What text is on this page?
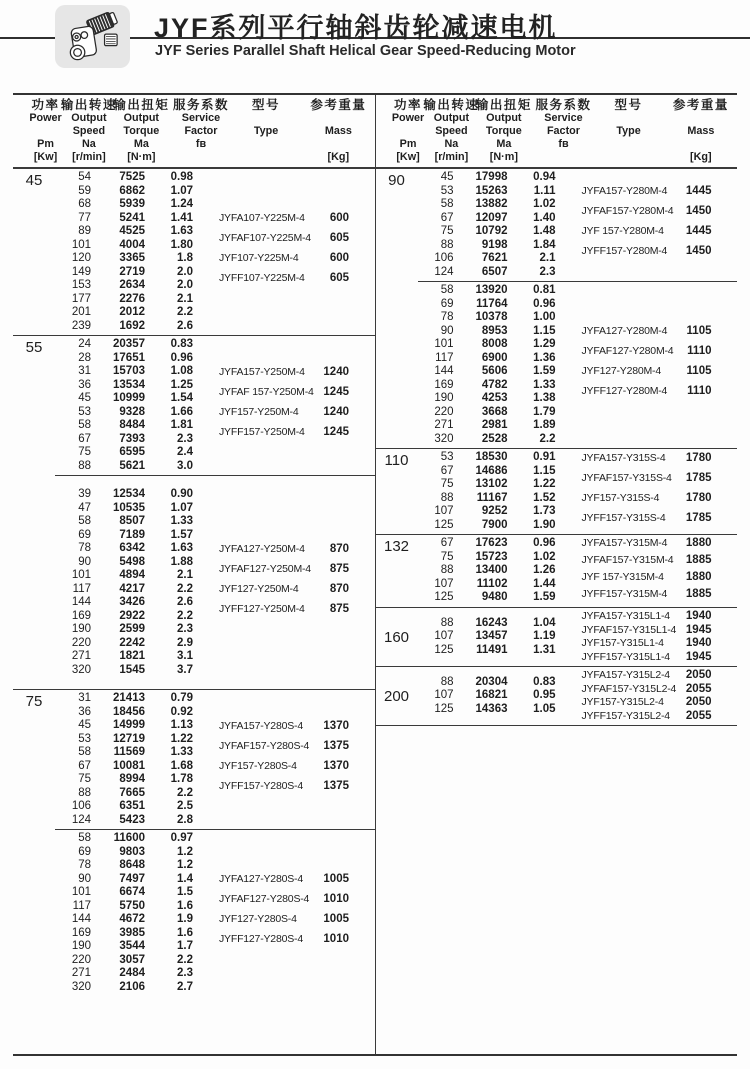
JYF系列平行轴斜齿轮减速电机
JYF Series Parallel Shaft Helical Gear Speed-Reducing Motor
功率
Power
Pm
[Kw]
输出转速
Output
Speed
Na
[r/min]
输出扭矩
Output
Torque
Ma
[N·m]
服务系数
Service
Factor
fʙ
型号
Type
参考重量
Mass
[Kg]
45	54	7525	0.98
59	6862	1.07
68	5939	1.24
77	5241	1.41
89	4525	1.63
101	4004	1.80
120	3365	1.8
149	2719	2.0
153	2634	2.0
177	2276	2.1
201	2012	2.2
239	1692	2.6
JYFA107-Y225M-4	600
JYFAF107-Y225M-4	605
JYF107-Y225M-4	600
JYFF107-Y225M-4	605
55	24	20357	0.83
28	17651	0.96
31	15703	1.08
36	13534	1.25
45	10999	1.54
53	9328	1.66
58	8484	1.81
67	7393	2.3
75	6595	2.4
88	5621	3.0
JYFA157-Y250M-4	1240
JYFAF 157-Y250M-4 1245
JYF157-Y250M-4	1240
JYFF157-Y250M-4	1245
39	12534	0.90
47	10535	1.07
58	8507	1.33
69	7189	1.57
78	6342	1.63
90	5498	1.88
101	4894	2.1
117	4217	2.2
144	3426	2.6
169	2922	2.2
190	2599	2.3
220	2242	2.9
271	1821	3.1
320	1545	3.7
JYFA127-Y250M-4	870
JYFAF127-Y250M-4	875
JYF127-Y250M-4	870
JYFF127-Y250M-4	875
75	31	21413	0.79
36	18456	0.92
45	14999	1.13
53	12719	1.22
58	11569	1.33
67	10081	1.68
75	8994	1.78
88	7665	2.2
106	6351	2.5
124	5423	2.8
JYFA157-Y280S-4	1370
JYFAF157-Y280S-4	1375
JYF157-Y280S-4	1370
JYFF157-Y280S-4	1375
58	11600	0.97
69	9803	1.2
78	8648	1.2
90	7497	1.4
101	6674	1.5
117	5750	1.6
144	4672	1.9
169	3985	1.6
190	3544	1.7
220	3057	2.2
271	2484	2.3
320	2106	2.7
JYFA127-Y280S-4	1005
JYFAF127-Y280S-4	1010
JYF127-Y280S-4	1005
JYFF127-Y280S-4	1010
功率
Power
Pm
[Kw]
输出转速
Output
Speed
Na
[r/min]
输出扭矩
Output
Torque
Ma
[N·m]
服务系数
Service
Factor
fʙ
型号
Type
参考重量
Mass
[Kg]
90	45	17998	0.94
53	15263	1.11
58	13882	1.02
67	12097	1.40
75	10792	1.48
88	9198	1.84
106	7621	2.1
124	6507	2.3
JYFA157-Y280M-4	1445
JYFAF157-Y280M-4	1450
JYF 157-Y280M-4	1445
JYFF157-Y280M-4	1450
58	13920	0.81
69	11764	0.96
78	10378	1.00
90	8953	1.15
101	8008	1.29
117	6900	1.36
144	5606	1.59
169	4782	1.33
190	4253	1.38
220	3668	1.79
271	2981	1.89
320	2528	2.2
JYFA127-Y280M-4	1105
JYFAF127-Y280M-4	1110
JYF127-Y280M-4	1105
JYFF127-Y280M-4	1110
110	53	18530	0.91
67	14686	1.15
75	13102	1.22
88	11167	1.52
107	9252	1.73
125	7900	1.90
JYFA157-Y315S-4	1780
JYFAF157-Y315S-4	1785
JYF157-Y315S-4	1780
JYFF157-Y315S-4	1785
132	67	17623	0.96
75	15723	1.02
88	13400	1.26
107	11102	1.44
125	9480	1.59
JYFA157-Y315M-4	1880
JYFAF157-Y315M-4	1885
JYF 157-Y315M-4	1880
JYFF157-Y315M-4	1885
160
88	16243	1.04
107	13457	1.19
125	11491	1.31
JYFA157-Y315L1-4	1940
JYFAF157-Y315L1-4 1945
JYF157-Y315L1-4	1940
JYFF157-Y315L1-4	1945
200
88	20304	0.83
107	16821	0.95
125	14363	1.05
JYFA157-Y315L2-4	2050
JYFAF157-Y315L2-4 2055
JYF157-Y315L2-4	2050
JYFF157-Y315L2-4	2055
